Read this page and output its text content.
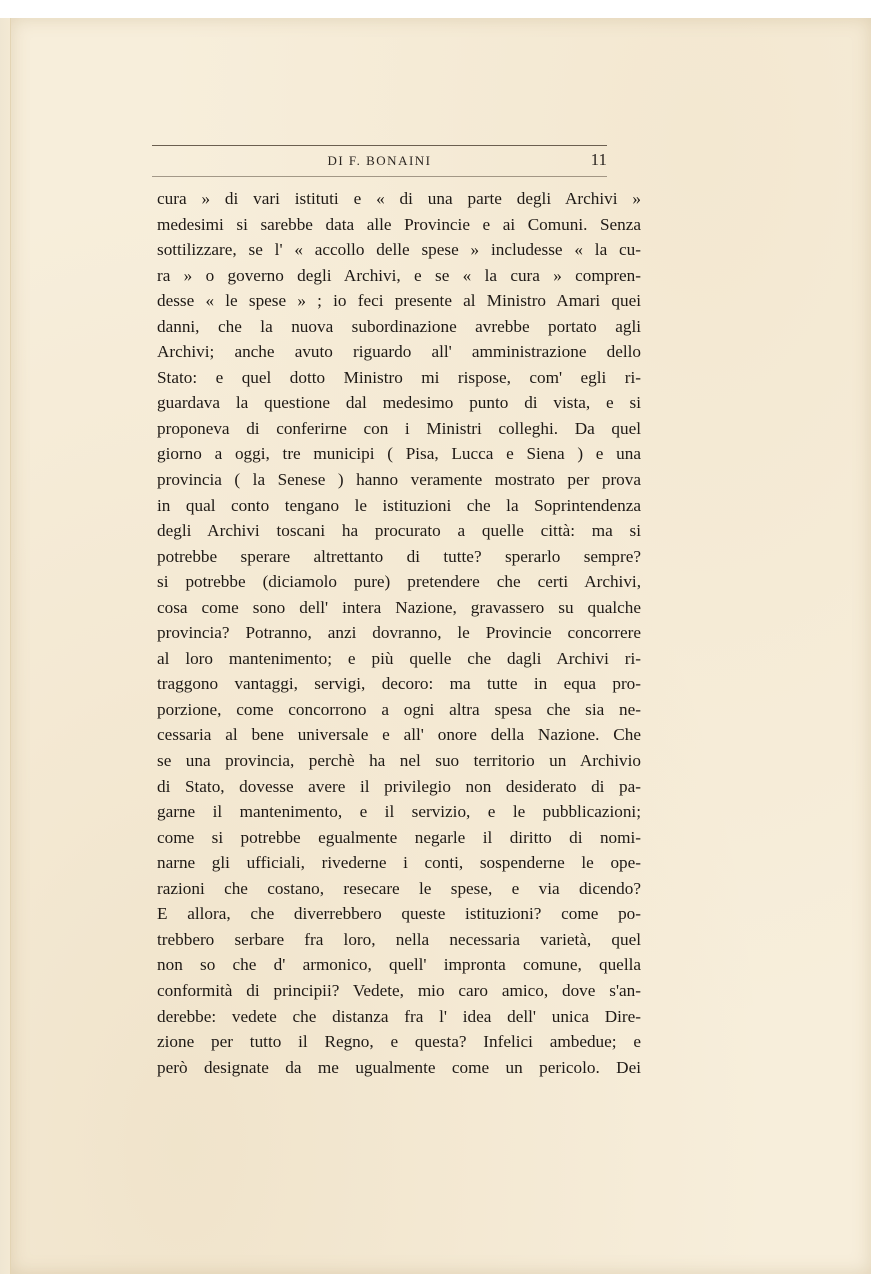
DI F. BONAINI	11
cura » di vari istituti e « di una parte degli Archivi »
medesimi si sarebbe data alle Provincie e ai Comuni. Senza
sottilizzare, se l' « accollo delle spese » includesse « la cu-
ra » o governo degli Archivi, e se « la cura » compren-
desse « le spese » ; io feci presente al Ministro Amari quei
danni, che la nuova subordinazione avrebbe portato agli
Archivi; anche avuto riguardo all' amministrazione dello
Stato: e quel dotto Ministro mi rispose, com' egli ri-
guardava la questione dal medesimo punto di vista, e si
proponeva di conferirne con i Ministri colleghi. Da quel
giorno a oggi, tre municipi ( Pisa, Lucca e Siena ) e una
provincia ( la Senese ) hanno veramente mostrato per prova
in qual conto tengano le istituzioni che la Soprintendenza
degli Archivi toscani ha procurato a quelle città: ma si
potrebbe sperare altrettanto di tutte? sperarlo sempre?
si potrebbe (diciamolo pure) pretendere che certi Archivi,
cosa come sono dell' intera Nazione, gravassero su qualche
provincia? Potranno, anzi dovranno, le Provincie concorrere
al loro mantenimento; e più quelle che dagli Archivi ri-
traggono vantaggi, servigi, decoro: ma tutte in equa pro-
porzione, come concorrono a ogni altra spesa che sia ne-
cessaria al bene universale e all' onore della Nazione. Che
se una provincia, perchè ha nel suo territorio un Archivio
di Stato, dovesse avere il privilegio non desiderato di pa-
garne il mantenimento, e il servizio, e le pubblicazioni;
come si potrebbe egualmente negarle il diritto di nomi-
narne gli ufficiali, rivederne i conti, sospenderne le ope-
razioni che costano, resecare le spese, e via dicendo?
E allora, che diverrebbero queste istituzioni? come po-
trebbero serbare fra loro, nella necessaria varietà, quel
non so che d' armonico, quell' impronta comune, quella
conformità di principii? Vedete, mio caro amico, dove s'an-
derebbe: vedete che distanza fra l' idea dell' unica Dire-
zione per tutto il Regno, e questa? Infelici ambedue; e
però designate da me ugualmente come un pericolo. Dei
